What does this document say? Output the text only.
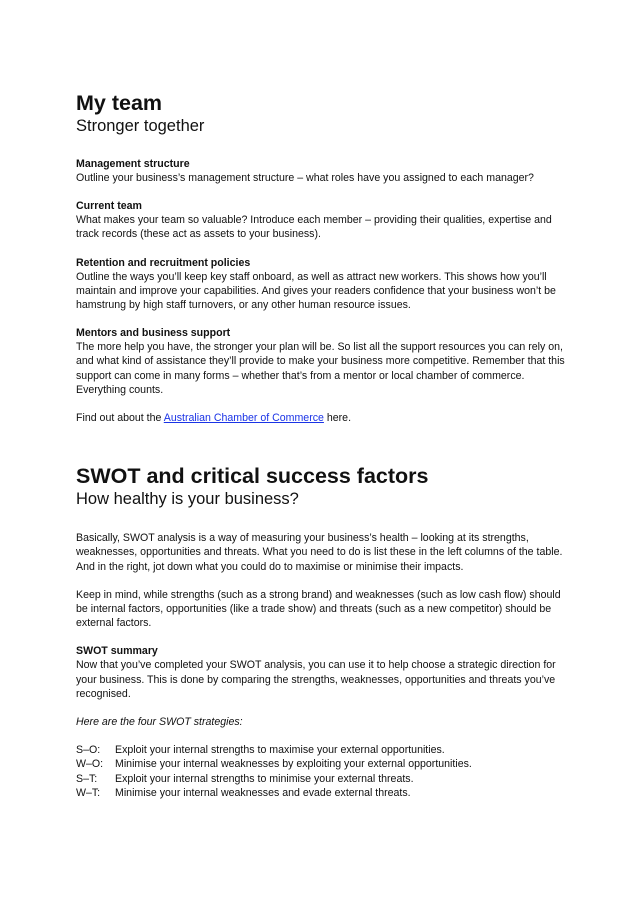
My team

Stronger together

Management structure

Outline your business’s management structure – what roles have you assigned to each manager?

Current team

What makes your team so valuable? Introduce each member – providing their qualities, expertise and track records (these act as assets to your business).

Retention and recruitment policies

Outline the ways you’ll keep key staff onboard, as well as attract new workers. This shows how you’ll maintain and improve your capabilities. And gives your readers confidence that your business won’t be hamstrung by high staff turnovers, or any other human resource issues.

Mentors and business support

The more help you have, the stronger your plan will be. So list all the support resources you can rely on, and what kind of assistance they’ll provide to make your business more competitive. Remember that this support can come in many forms – whether that’s from a mentor or local chamber of commerce. Everything counts.

Find out about the Australian Chamber of Commerce here.

SWOT and critical success factors

How healthy is your business?

Basically, SWOT analysis is a way of measuring your business’s health – looking at its strengths, weaknesses, opportunities and threats. What you need to do is list these in the left columns of the table. And in the right, jot down what you could do to maximise or minimise their impacts.

Keep in mind, while strengths (such as a strong brand) and weaknesses (such as low cash flow) should be internal factors, opportunities (like a trade show) and threats (such as a new competitor) should be external factors.

SWOT summary

Now that you’ve completed your SWOT analysis, you can use it to help choose a strategic direction for your business. This is done by comparing the strengths, weaknesses, opportunities and threats you’ve recognised.

Here are the four SWOT strategies:

S–O:	Exploit your internal strengths to maximise your external opportunities.
W–O:	Minimise your internal weaknesses by exploiting your external opportunities.
S–T:	Exploit your internal strengths to minimise your external threats.
W–T:	Minimise your internal weaknesses and evade external threats.
